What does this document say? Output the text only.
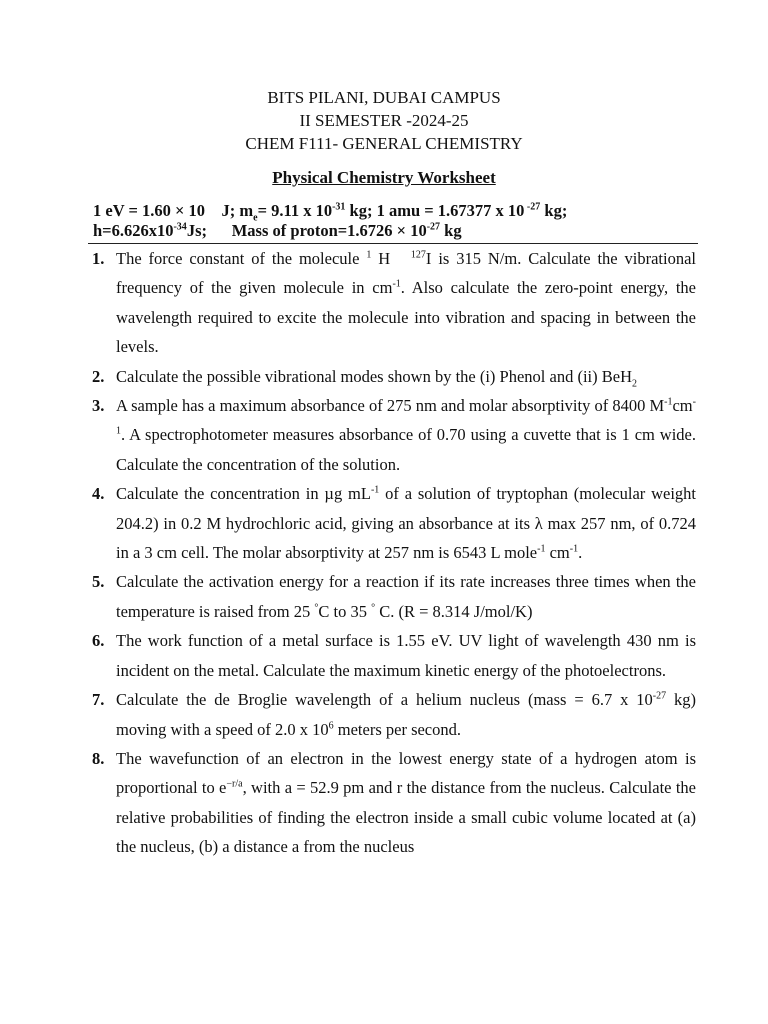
BITS PILANI, DUBAI CAMPUS
II SEMESTER -2024-25
CHEM F111- GENERAL CHEMISTRY
Physical Chemistry Worksheet
1 eV = 1.60 × 10 J; $m_e= 9.11$ x $10^{-31}$ kg; 1 amu = 1.67377 x 10 $^{-27}$ kg;
$h=6.626x10^{-34}Js$; Mass of proton=1.6726 × $10^{-27}$ kg
1. The force constant of the molecule $^1$ H   $^{127}$I is 315 N/m. Calculate the vibrational frequency of the given molecule in $cm^{-1}$. Also calculate the zero-point energy, the wavelength required to excite the molecule into vibration and spacing in between the levels.
2. Calculate the possible vibrational modes shown by the (i) Phenol and (ii) BeH$_2$
3. A sample has a maximum absorbance of 275 nm and molar absorptivity of 8400 $M^{-1}cm^{-1}$. A spectrophotometer measures absorbance of 0.70 using a cuvette that is 1 cm wide. Calculate the concentration of the solution.
4. Calculate the concentration in µg $mL^{-1}$ of a solution of tryptophan (molecular weight 204.2) in 0.2 M hydrochloric acid, giving an absorbance at its λ max 257 nm, of 0.724 in a 3 cm cell. The molar absorptivity at 257 nm is 6543 L mole$^{-1}$ $cm^{-1}$.
5. Calculate the activation energy for a reaction if its rate increases three times when the temperature is raised from 25 °C to 35 ° C. (R = 8.314 J/mol/K)
6. The work function of a metal surface is 1.55 eV. UV light of wavelength 430 nm is incident on the metal. Calculate the maximum kinetic energy of the photoelectrons.
7. Calculate the de Broglie wavelength of a helium nucleus (mass = 6.7 x $10^{-27}$ kg) moving with a speed of 2.0 x $10^6$ meters per second.
8. The wavefunction of an electron in the lowest energy state of a hydrogen atom is proportional to $e^{-r/a}$, with a = 52.9 pm and r the distance from the nucleus. Calculate the relative probabilities of finding the electron inside a small cubic volume located at (a) the nucleus, (b) a distance a from the nucleus
